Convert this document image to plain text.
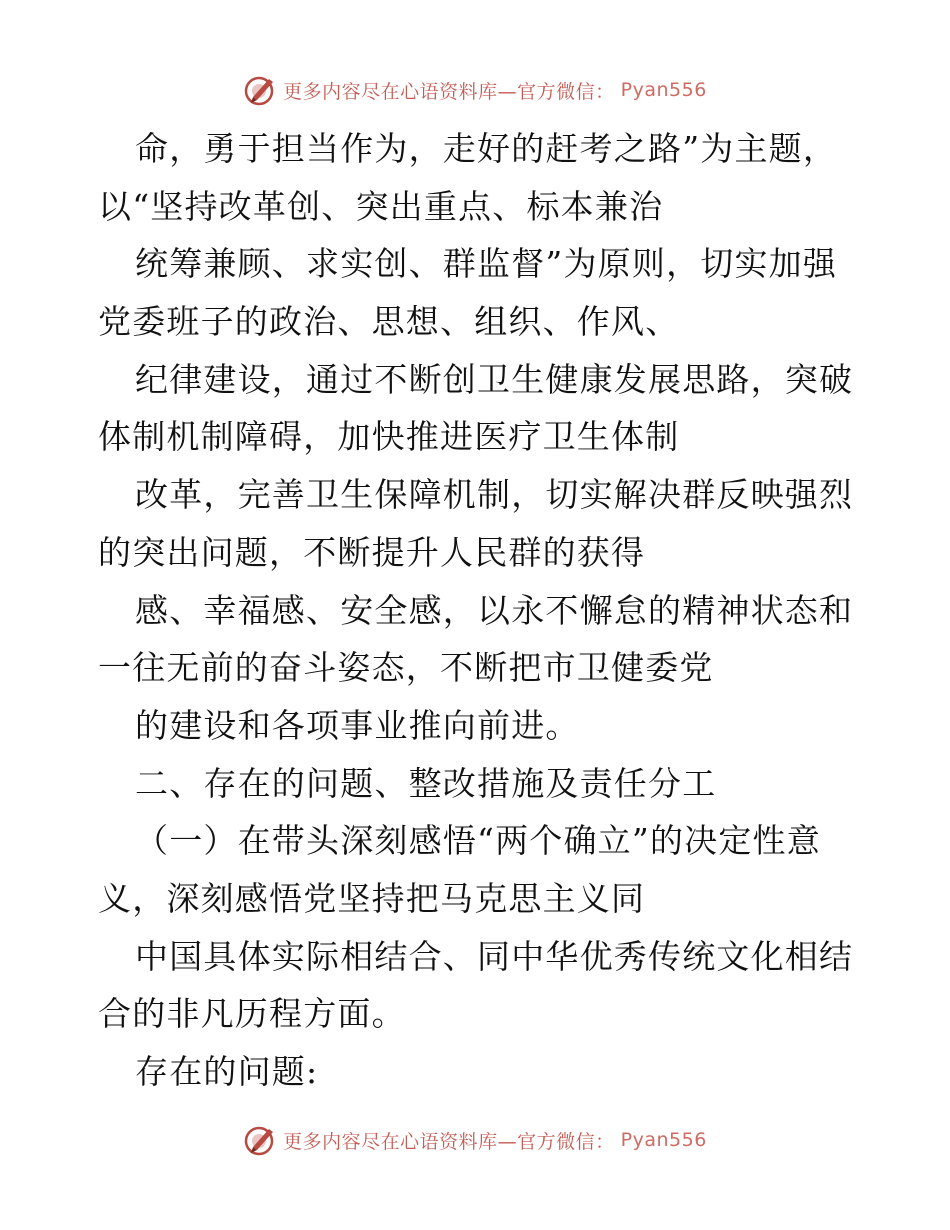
更多内容尽在心语资料库—官方微信： Pyan556
命，勇于担当作为，走好的赶考之路”为主题，
以“坚持改革创、突出重点、标本兼治
统筹兼顾、求实创、群监督”为原则，切实加强
党委班子的政治、思想、组织、作风、
纪律建设，通过不断创卫生健康发展思路，突破
体制机制障碍，加快推进医疗卫生体制
改革，完善卫生保障机制，切实解决群反映强烈
的突出问题，不断提升人民群的获得
感、幸福感、安全感，以永不懈怠的精神状态和
一往无前的奋斗姿态，不断把市卫健委党
的建设和各项事业推向前进。
二、存在的问题、整改措施及责任分工
（一）在带头深刻感悟“两个确立”的决定性意
义，深刻感悟党坚持把马克思主义同
中国具体实际相结合、同中华优秀传统文化相结
合的非凡历程方面。
存在的问题:
更多内容尽在心语资料库—官方微信： Pyan556
